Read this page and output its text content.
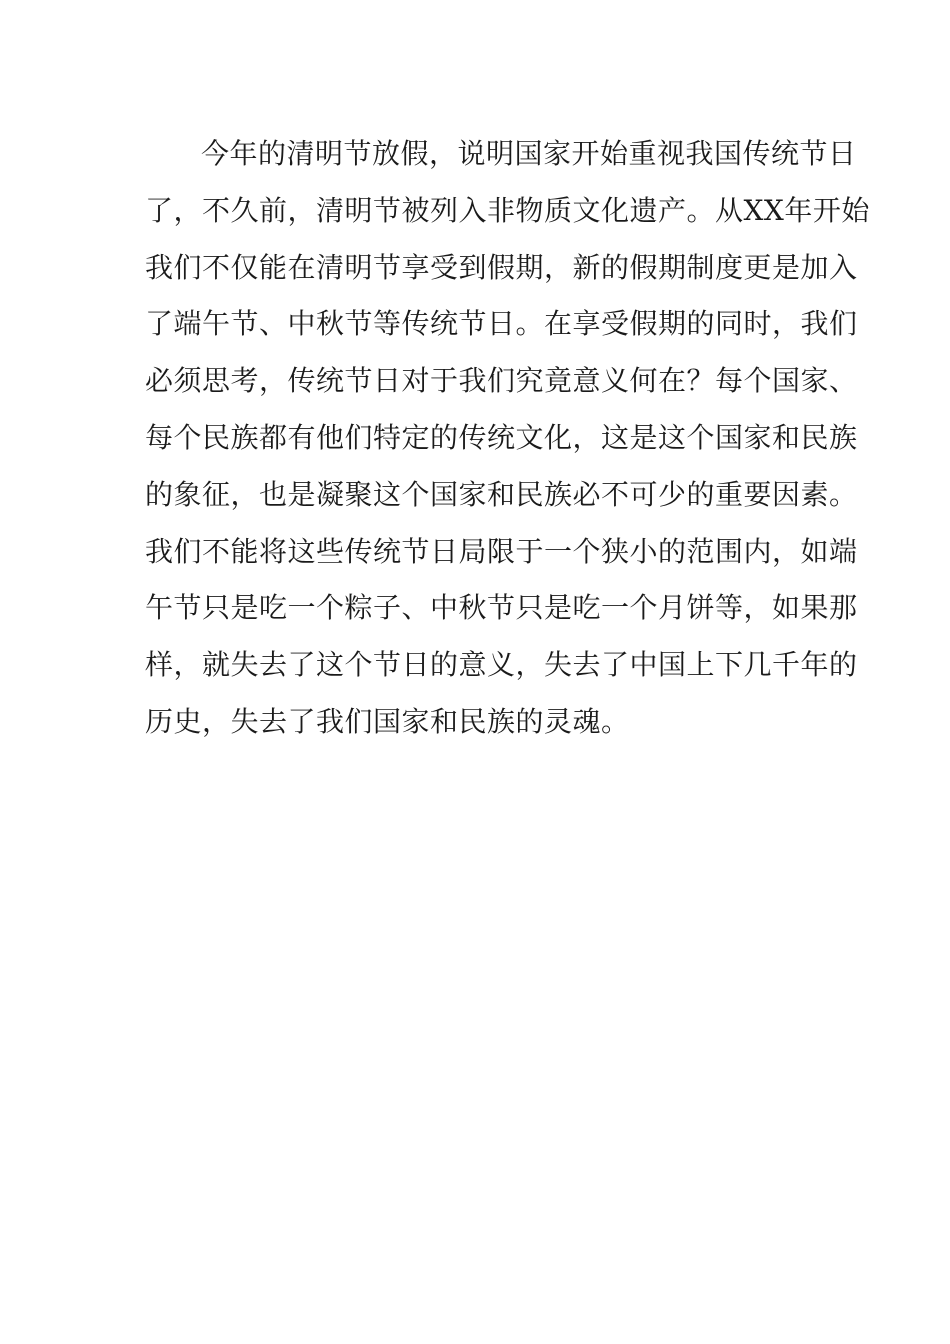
今年的清明节放假，说明国家开始重视我国传统节日
了，不久前，清明节被列入非物质文化遗产。从XX年开始
我们不仅能在清明节享受到假期，新的假期制度更是加入
了端午节、中秋节等传统节日。在享受假期的同时，我们
必须思考，传统节日对于我们究竟意义何在？每个国家、
每个民族都有他们特定的传统文化，这是这个国家和民族
的象征，也是凝聚这个国家和民族必不可少的重要因素。
我们不能将这些传统节日局限于一个狭小的范围内，如端
午节只是吃一个粽子、中秋节只是吃一个月饼等，如果那
样，就失去了这个节日的意义，失去了中国上下几千年的
历史，失去了我们国家和民族的灵魂。
